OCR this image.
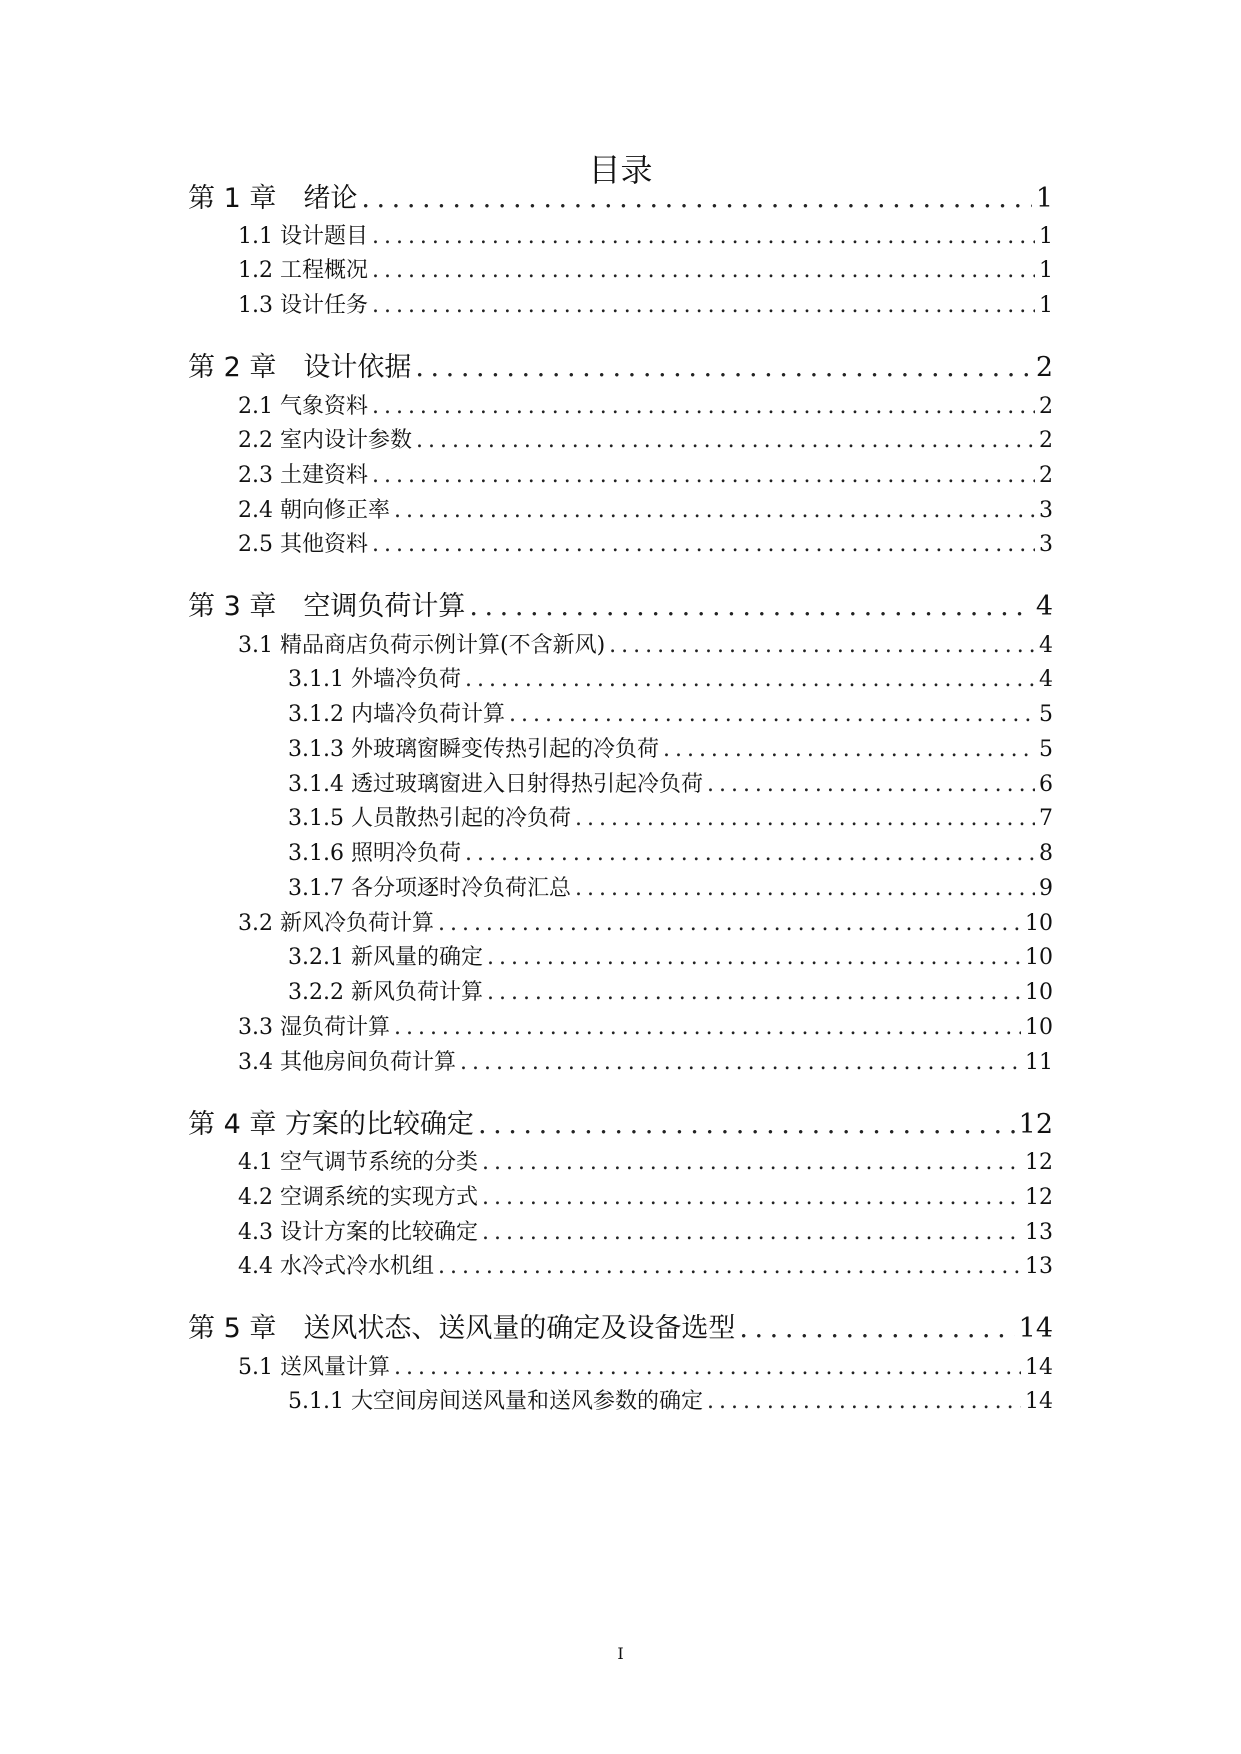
目录
第 1 章　绪论 . . .	1
1.1 设计题目 . . .	1
1.2 工程概况 . . .	1
1.3 设计任务 . . .	1
第 2 章　设计依据 . . .	2
2.1 气象资料 . . .	2
2.2 室内设计参数 . . .	2
2.3 土建资料 . . .	2
2.4 朝向修正率 . . .	3
2.5 其他资料 . . .	3
第 3 章　空调负荷计算 . . .	4
3.1 精品商店负荷示例计算(不含新风) . . .	4
3.1.1 外墙冷负荷 . . .	4
3.1.2 内墙冷负荷计算 . . .	5
3.1.3 外玻璃窗瞬变传热引起的冷负荷 . . .	5
3.1.4 透过玻璃窗进入日射得热引起冷负荷 . . .	6
3.1.5 人员散热引起的冷负荷 . . .	7
3.1.6 照明冷负荷 . . .	8
3.1.7 各分项逐时冷负荷汇总 . . .	9
3.2 新风冷负荷计算 . . .	10
3.2.1 新风量的确定 . . .	10
3.2.2 新风负荷计算 . . .	10
3.3 湿负荷计算 . . .	10
3.4 其他房间负荷计算 . . .	11
第 4 章 方案的比较确定 . . .	12
4.1 空气调节系统的分类 . . .	12
4.2 空调系统的实现方式 . . .	12
4.3 设计方案的比较确定 . . .	13
4.4 水冷式冷水机组 . . .	13
第 5 章　送风状态、送风量的确定及设备选型 . . .	14
5.1 送风量计算 . . .	14
5.1.1 大空间房间送风量和送风参数的确定 . . .	14
I
